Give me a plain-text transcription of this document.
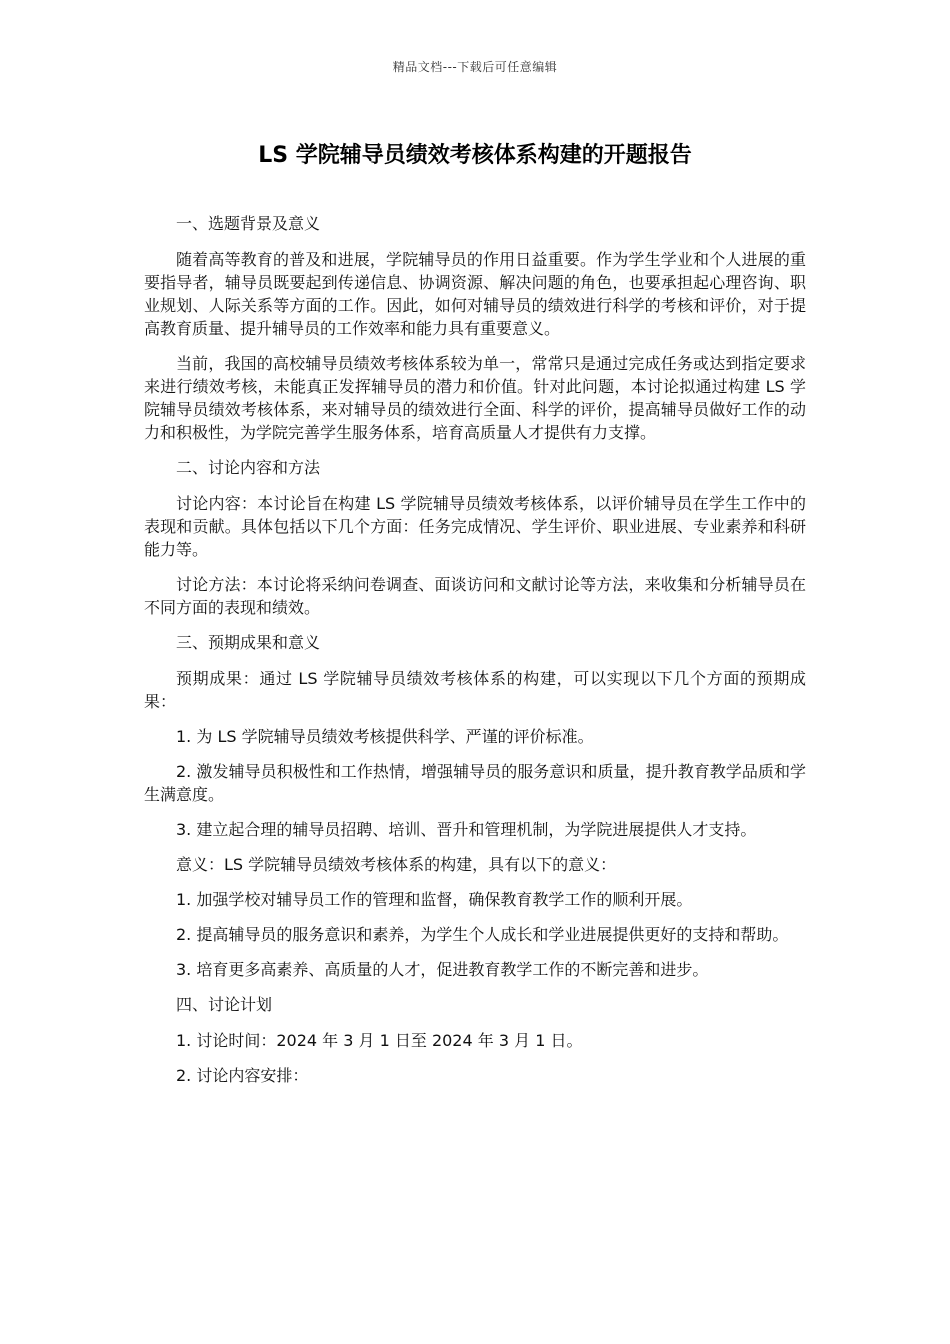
精品文档---下载后可任意编辑
LS 学院辅导员绩效考核体系构建的开题报告

一、选题背景及意义

随着高等教育的普及和进展，学院辅导员的作用日益重要。作为学生学业和个人进展的重要指导者，辅导员既要起到传递信息、协调资源、解决问题的角色，也要承担起心理咨询、职业规划、人际关系等方面的工作。因此，如何对辅导员的绩效进行科学的考核和评价，对于提高教育质量、提升辅导员的工作效率和能力具有重要意义。

当前，我国的高校辅导员绩效考核体系较为单一，常常只是通过完成任务或达到指定要求来进行绩效考核，未能真正发挥辅导员的潜力和价值。针对此问题，本讨论拟通过构建 LS 学院辅导员绩效考核体系，来对辅导员的绩效进行全面、科学的评价，提高辅导员做好工作的动力和积极性，为学院完善学生服务体系，培育高质量人才提供有力支撑。

二、讨论内容和方法

讨论内容：本讨论旨在构建 LS 学院辅导员绩效考核体系，以评价辅导员在学生工作中的表现和贡献。具体包括以下几个方面：任务完成情况、学生评价、职业进展、专业素养和科研能力等。

讨论方法：本讨论将采纳问卷调查、面谈访问和文献讨论等方法，来收集和分析辅导员在不同方面的表现和绩效。

三、预期成果和意义

预期成果：通过 LS 学院辅导员绩效考核体系的构建，可以实现以下几个方面的预期成果：

1. 为 LS 学院辅导员绩效考核提供科学、严谨的评价标准。

2. 激发辅导员积极性和工作热情，增强辅导员的服务意识和质量，提升教育教学品质和学生满意度。

3. 建立起合理的辅导员招聘、培训、晋升和管理机制，为学院进展提供人才支持。

意义：LS 学院辅导员绩效考核体系的构建，具有以下的意义：

1. 加强学校对辅导员工作的管理和监督，确保教育教学工作的顺利开展。

2. 提高辅导员的服务意识和素养，为学生个人成长和学业进展提供更好的支持和帮助。

3. 培育更多高素养、高质量的人才，促进教育教学工作的不断完善和进步。

四、讨论计划

1. 讨论时间：2024 年 3 月 1 日至 2024 年 3 月 1 日。

2. 讨论内容安排：
